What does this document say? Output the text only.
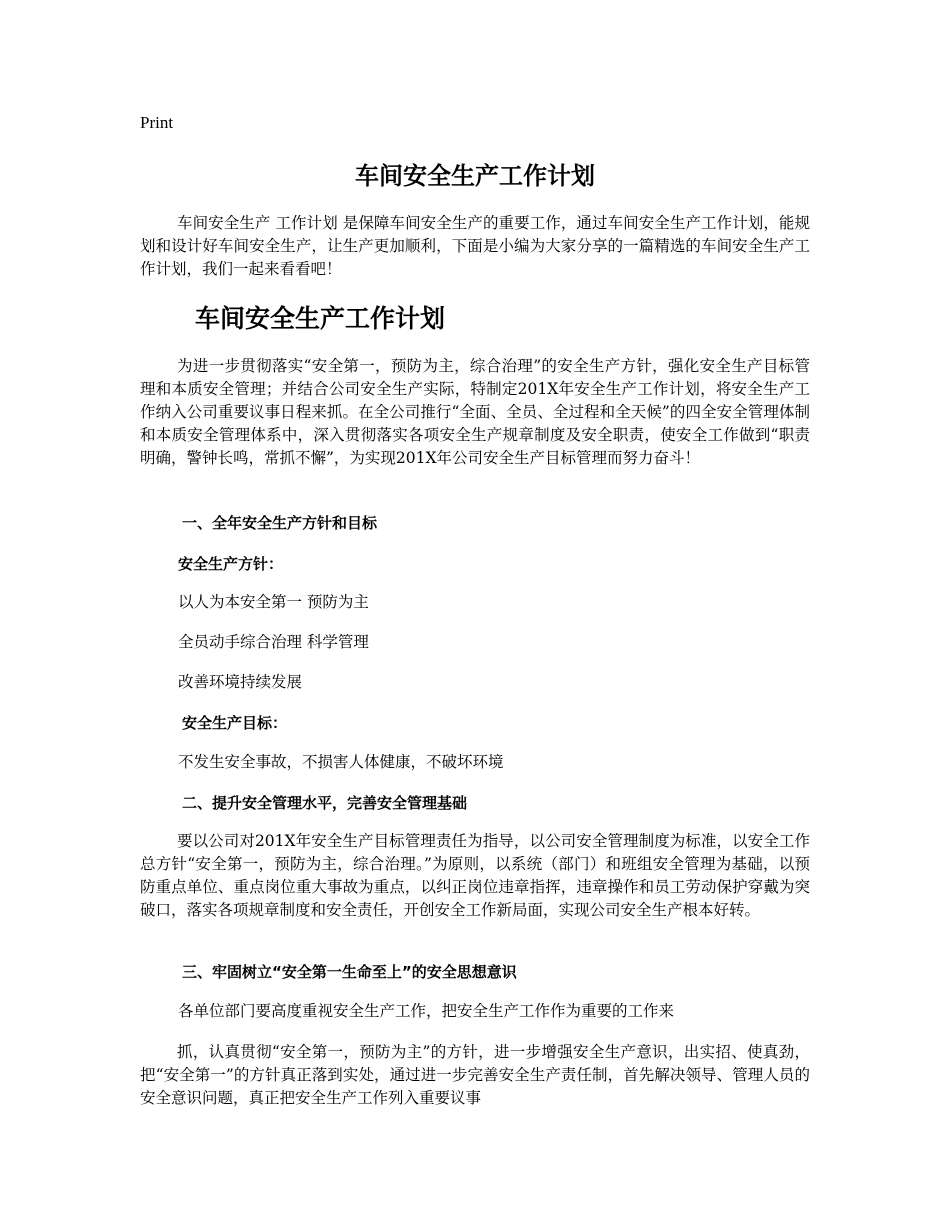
Print
车间安全生产工作计划

车间安全生产 工作计划 是保障车间安全生产的重要工作，通过车间安全生产工作计划，能规划和设计好车间安全生产，让生产更加顺利，下面是小编为大家分享的一篇精选的车间安全生产工作计划，我们一起来看看吧！

车间安全生产工作计划

为进一步贯彻落实“安全第一，预防为主，综合治理”的安全生产方针，强化安全生产目标管理和本质安全管理；并结合公司安全生产实际，特制定201X年安全生产工作计划，将安全生产工作纳入公司重要议事日程来抓。在全公司推行“全面、全员、全过程和全天候”的四全安全管理体制和本质安全管理体系中，深入贯彻落实各项安全生产规章制度及安全职责，使安全工作做到“职责明确，警钟长鸣，常抓不懈”，为实现201X年公司安全生产目标管理而努力奋斗！

一、全年安全生产方针和目标
安全生产方针：
以人为本安全第一 预防为主
全员动手综合治理 科学管理
改善环境持续发展
安全生产目标：
不发生安全事故，不损害人体健康，不破坏环境
二、提升安全管理水平，完善安全管理基础

要以公司对201X年安全生产目标管理责任为指导，以公司安全管理制度为标准，以安全工作总方针“安全第一，预防为主，综合治理。”为原则，以系统（部门）和班组安全管理为基础，以预防重点单位、重点岗位重大事故为重点，以纠正岗位违章指挥，违章操作和员工劳动保护穿戴为突破口，落实各项规章制度和安全责任，开创安全工作新局面，实现公司安全生产根本好转。

三、牢固树立“安全第一生命至上”的安全思想意识
各单位部门要高度重视安全生产工作，把安全生产工作作为重要的工作来

抓，认真贯彻“安全第一，预防为主”的方针，进一步增强安全生产意识，出实招、使真劲，把“安全第一”的方针真正落到实处，通过进一步完善安全生产责任制，首先解决领导、管理人员的安全意识问题，真正把安全生产工作列入重要议事
